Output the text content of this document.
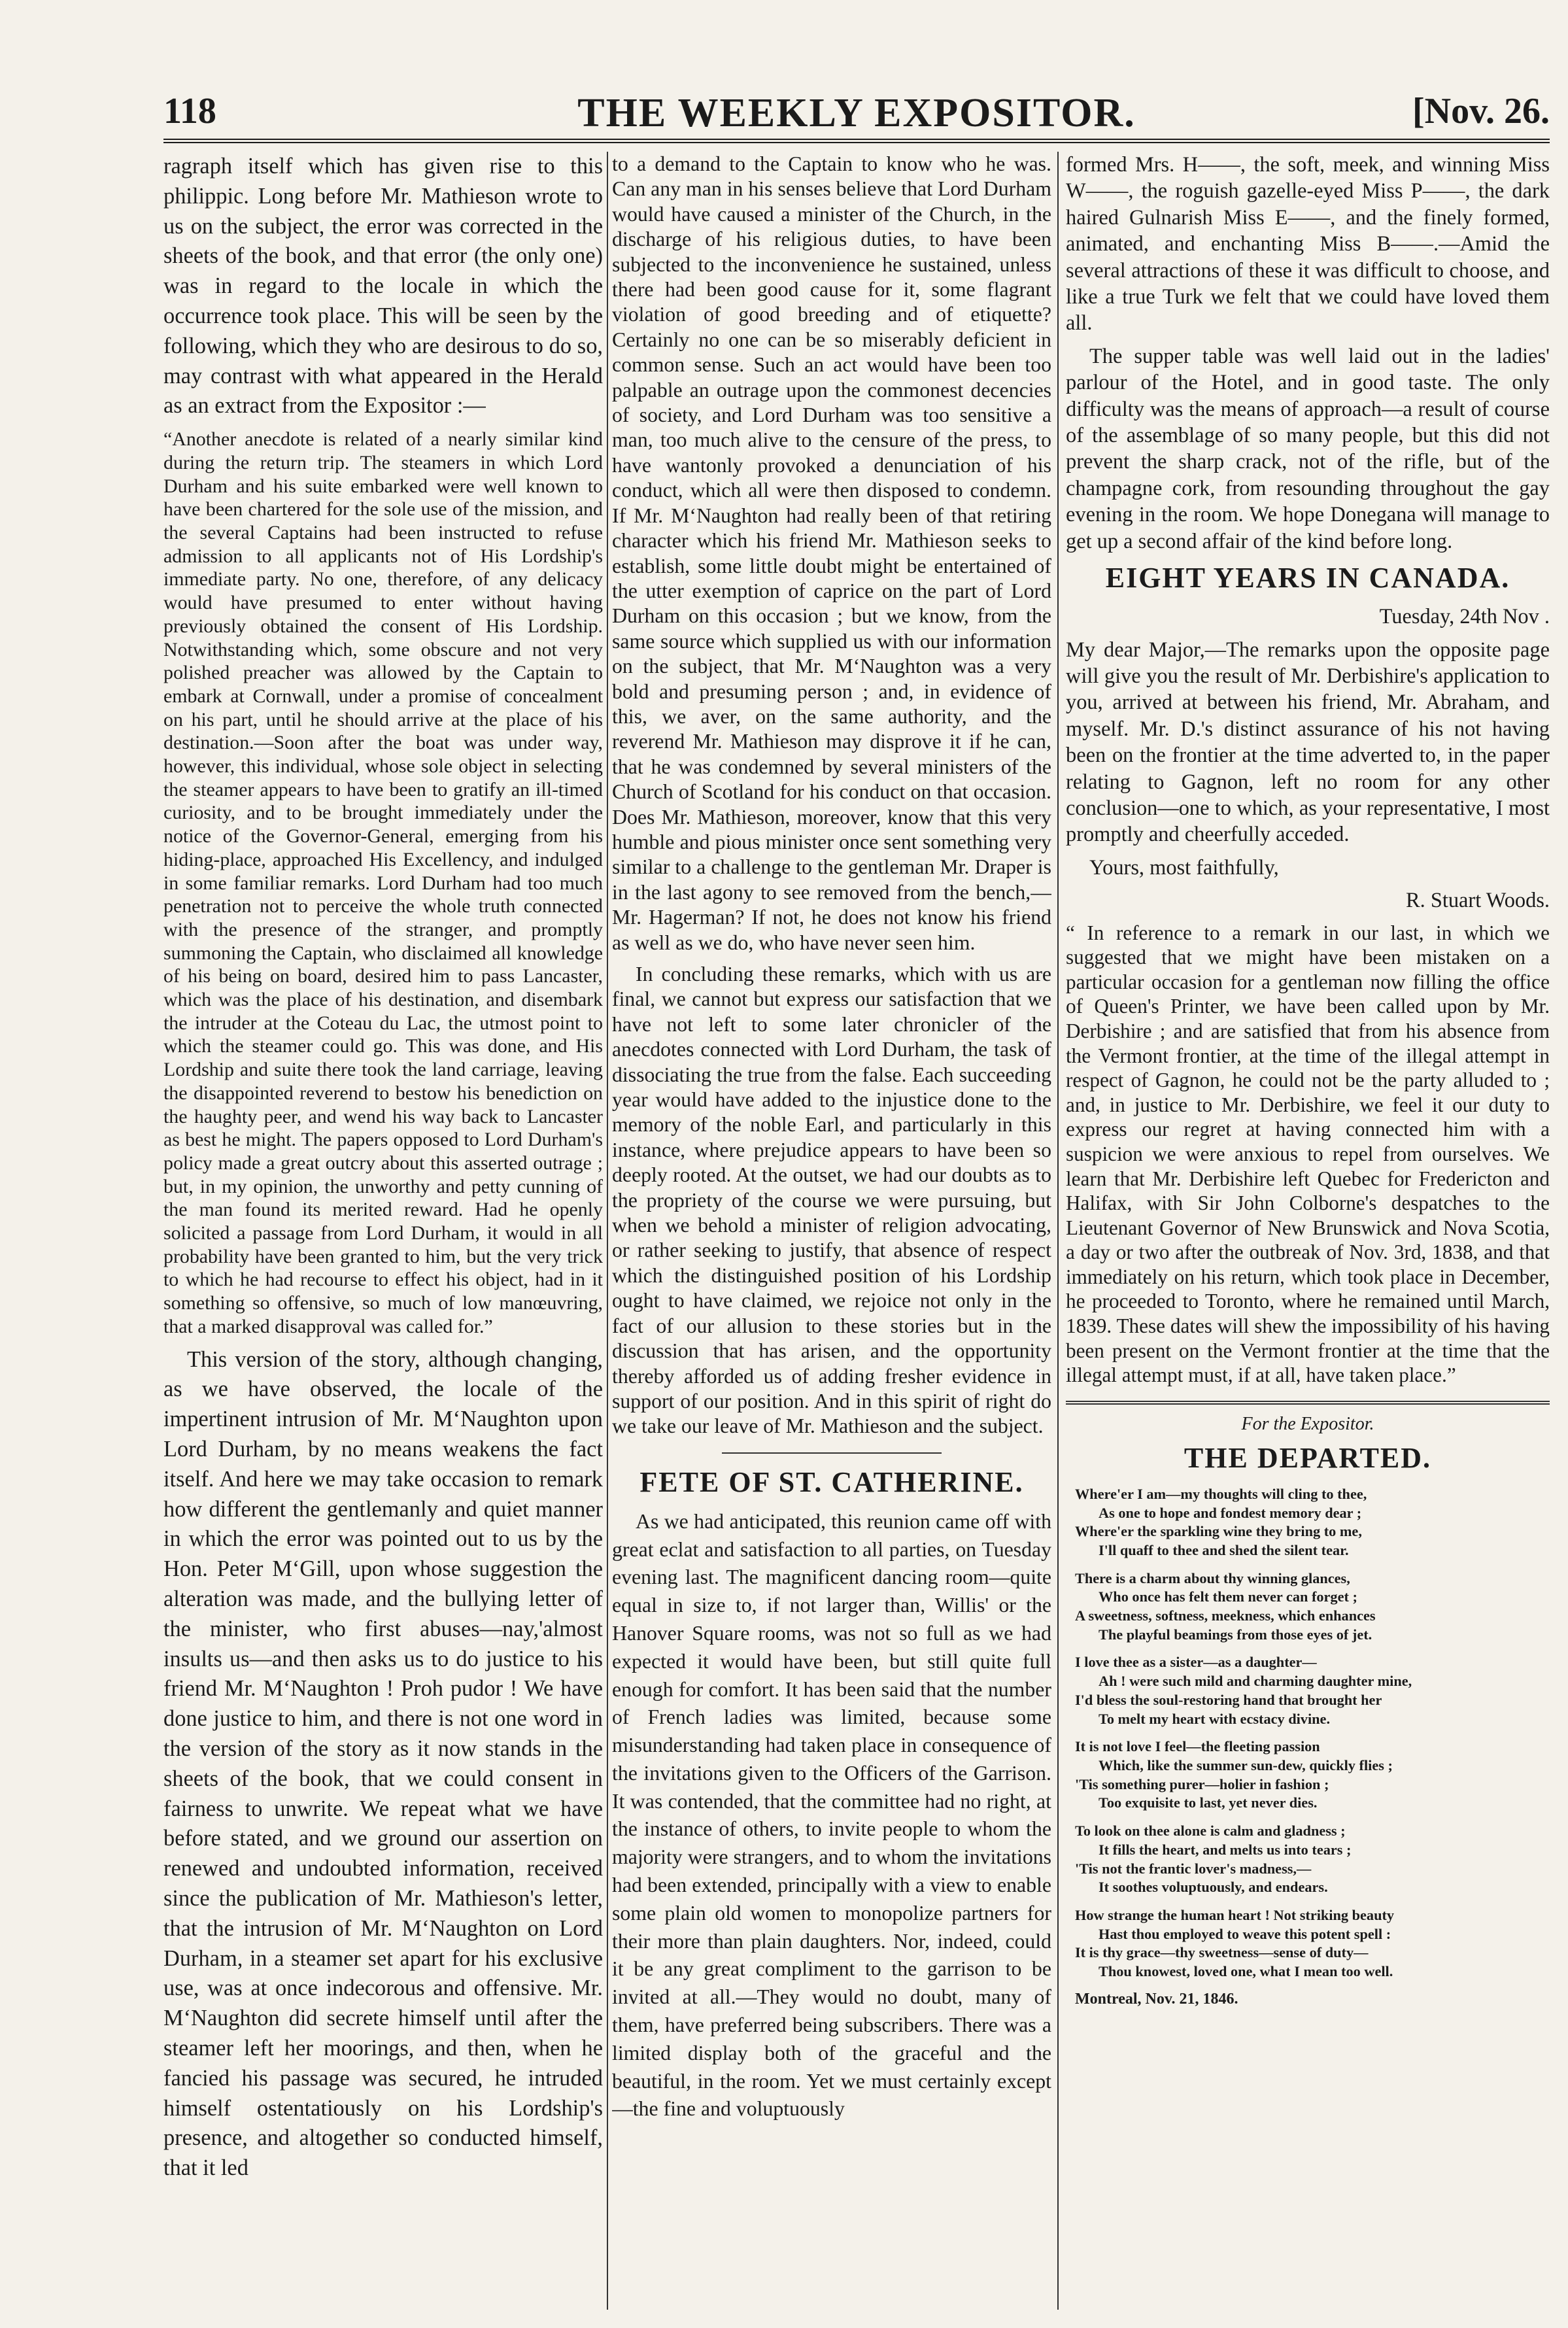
118	THE WEEKLY EXPOSITOR.	[Nov. 26.

ragraph itself which has given rise to this philippic. Long before Mr. Mathieson wrote to us on the subject, the error was corrected in the sheets of the book, and that error (the only one) was in regard to the locale in which the occurrence took place. This will be seen by the following, which they who are desirous to do so, may contrast with what appeared in the Herald as an extract from the Expositor :—

“Another anecdote is related of a nearly similar kind during the return trip. The steamers in which Lord Durham and his suite embarked were well known to have been chartered for the sole use of the mission, and the several Captains had been instructed to refuse admission to all applicants not of His Lordship's immediate party. No one, therefore, of any delicacy would have presumed to enter without having previously obtained the consent of His Lordship. Notwithstanding which, some obscure and not very polished preacher was allowed by the Captain to embark at Cornwall, under a promise of concealment on his part, until he should arrive at the place of his destination.—Soon after the boat was under way, however, this individual, whose sole object in selecting the steamer appears to have been to gratify an ill-timed curiosity, and to be brought immediately under the notice of the Governor-General, emerging from his hiding-place, approached His Excellency, and indulged in some familiar remarks. Lord Durham had too much penetration not to perceive the whole truth connected with the presence of the stranger, and promptly summoning the Captain, who disclaimed all knowledge of his being on board, desired him to pass Lancaster, which was the place of his destination, and disembark the intruder at the Coteau du Lac, the utmost point to which the steamer could go. This was done, and His Lordship and suite there took the land carriage, leaving the disappointed reverend to bestow his benediction on the haughty peer, and wend his way back to Lancaster as best he might. The papers opposed to Lord Durham's policy made a great outcry about this asserted outrage ; but, in my opinion, the unworthy and petty cunning of the man found its merited reward. Had he openly solicited a passage from Lord Durham, it would in all probability have been granted to him, but the very trick to which he had recourse to effect his object, had in it something so offensive, so much of low manœuvring, that a marked disapproval was called for.”

This version of the story, although changing, as we have observed, the locale of the impertinent intrusion of Mr. M‘Naughton upon Lord Durham, by no means weakens the fact itself. And here we may take occasion to remark how different the gentlemanly and quiet manner in which the error was pointed out to us by the Hon. Peter M‘Gill, upon whose suggestion the alteration was made, and the bullying letter of the minister, who first abuses—nay,'almost insults us—and then asks us to do justice to his friend Mr. M‘Naughton ! Proh pudor ! We have done justice to him, and there is not one word in the version of the story as it now stands in the sheets of the book, that we could consent in fairness to unwrite. We repeat what we have before stated, and we ground our assertion on renewed and undoubted information, received since the publication of Mr. Mathieson's letter, that the intrusion of Mr. M‘Naughton on Lord Durham, in a steamer set apart for his exclusive use, was at once indecorous and offensive. Mr. M‘Naughton did secrete himself until after the steamer left her moorings, and then, when he fancied his passage was secured, he intruded himself ostentatiously on his Lordship's presence, and altogether so conducted himself, that it led

to a demand to the Captain to know who he was. Can any man in his senses believe that Lord Durham would have caused a minister of the Church, in the discharge of his religious duties, to have been subjected to the inconvenience he sustained, unless there had been good cause for it, some flagrant violation of good breeding and of etiquette? Certainly no one can be so miserably deficient in common sense. Such an act would have been too palpable an outrage upon the commonest decencies of society, and Lord Durham was too sensitive a man, too much alive to the censure of the press, to have wantonly provoked a denunciation of his conduct, which all were then disposed to condemn. If Mr. M‘Naughton had really been of that retiring character which his friend Mr. Mathieson seeks to establish, some little doubt might be entertained of the utter exemption of caprice on the part of Lord Durham on this occasion ; but we know, from the same source which supplied us with our information on the subject, that Mr. M‘Naughton was a very bold and presuming person ; and, in evidence of this, we aver, on the same authority, and the reverend Mr. Mathieson may disprove it if he can, that he was condemned by several ministers of the Church of Scotland for his conduct on that occasion. Does Mr. Mathieson, moreover, know that this very humble and pious minister once sent something very similar to a challenge to the gentleman Mr. Draper is in the last agony to see removed from the bench,—Mr. Hagerman? If not, he does not know his friend as well as we do, who have never seen him.

In concluding these remarks, which with us are final, we cannot but express our satisfaction that we have not left to some later chronicler of the anecdotes connected with Lord Durham, the task of dissociating the true from the false. Each succeeding year would have added to the injustice done to the memory of the noble Earl, and particularly in this instance, where prejudice appears to have been so deeply rooted. At the outset, we had our doubts as to the propriety of the course we were pursuing, but when we behold a minister of religion advocating, or rather seeking to justify, that absence of respect which the distinguished position of his Lordship ought to have claimed, we rejoice not only in the fact of our allusion to these stories but in the discussion that has arisen, and the opportunity thereby afforded us of adding fresher evidence in support of our position. And in this spirit of right do we take our leave of Mr. Mathieson and the subject.

FETE OF ST. CATHERINE.

As we had anticipated, this reunion came off with great eclat and satisfaction to all parties, on Tuesday evening last. The magnificent dancing room—quite equal in size to, if not larger than, Willis' or the Hanover Square rooms, was not so full as we had expected it would have been, but still quite full enough for comfort. It has been said that the number of French ladies was limited, because some misunderstanding had taken place in consequence of the invitations given to the Officers of the Garrison. It was contended, that the committee had no right, at the instance of others, to invite people to whom the majority were strangers, and to whom the invitations had been extended, principally with a view to enable some plain old women to monopolize partners for their more than plain daughters. Nor, indeed, could it be any great compliment to the garrison to be invited at all.—They would no doubt, many of them, have preferred being subscribers. There was a limited display both of the graceful and the beautiful, in the room. Yet we must certainly except—the fine and voluptuously

formed Mrs. H——, the soft, meek, and winning Miss W——, the roguish gazelle-eyed Miss P——, the dark haired Gulnarish Miss E——, and the finely formed, animated, and enchanting Miss B——.—Amid the several attractions of these it was difficult to choose, and like a true Turk we felt that we could have loved them all.

The supper table was well laid out in the ladies' parlour of the Hotel, and in good taste. The only difficulty was the means of approach—a result of course of the assemblage of so many people, but this did not prevent the sharp crack, not of the rifle, but of the champagne cork, from resounding throughout the gay evening in the room. We hope Donegana will manage to get up a second affair of the kind before long.

EIGHT YEARS IN CANADA.

Tuesday, 24th Nov .

My dear Major,—The remarks upon the opposite page will give you the result of Mr. Derbishire's application to you, arrived at between his friend, Mr. Abraham, and myself. Mr. D.'s distinct assurance of his not having been on the frontier at the time adverted to, in the paper relating to Gagnon, left no room for any other conclusion—one to which, as your representative, I most promptly and cheerfully acceded.

Yours, most faithfully,

R. Stuart Woods.

“ In reference to a remark in our last, in which we suggested that we might have been mistaken on a particular occasion for a gentleman now filling the office of Queen's Printer, we have been called upon by Mr. Derbishire ; and are satisfied that from his absence from the Vermont frontier, at the time of the illegal attempt in respect of Gagnon, he could not be the party alluded to ; and, in justice to Mr. Derbishire, we feel it our duty to express our regret at having connected him with a suspicion we were anxious to repel from ourselves. We learn that Mr. Derbishire left Quebec for Fredericton and Halifax, with Sir John Colborne's despatches to the Lieutenant Governor of New Brunswick and Nova Scotia, a day or two after the outbreak of Nov. 3rd, 1838, and that immediately on his return, which took place in December, he proceeded to Toronto, where he remained until March, 1839. These dates will shew the impossibility of his having been present on the Vermont frontier at the time that the illegal attempt must, if at all, have taken place.”

For the Expositor.
THE DEPARTED.
Where'er I am—my thoughts will cling to thee,
As one to hope and fondest memory dear ;
Where'er the sparkling wine they bring to me,
I'll quaff to thee and shed the silent tear.
There is a charm about thy winning glances,
Who once has felt them never can forget ;
A sweetness, softness, meekness, which enhances
The playful beamings from those eyes of jet.
I love thee as a sister—as a daughter—
Ah ! were such mild and charming daughter mine,
I'd bless the soul-restoring hand that brought her
To melt my heart with ecstacy divine.
It is not love I feel—the fleeting passion
Which, like the summer sun-dew, quickly flies ;
'Tis something purer—holier in fashion ;
Too exquisite to last, yet never dies.
To look on thee alone is calm and gladness ;
It fills the heart, and melts us into tears ;
'Tis not the frantic lover's madness,—
It soothes voluptuously, and endears.
How strange the human heart ! Not striking beauty
Hast thou employed to weave this potent spell :
It is thy grace—thy sweetness—sense of duty—
Thou knowest, loved one, what I mean too well.
Montreal, Nov. 21, 1846.
